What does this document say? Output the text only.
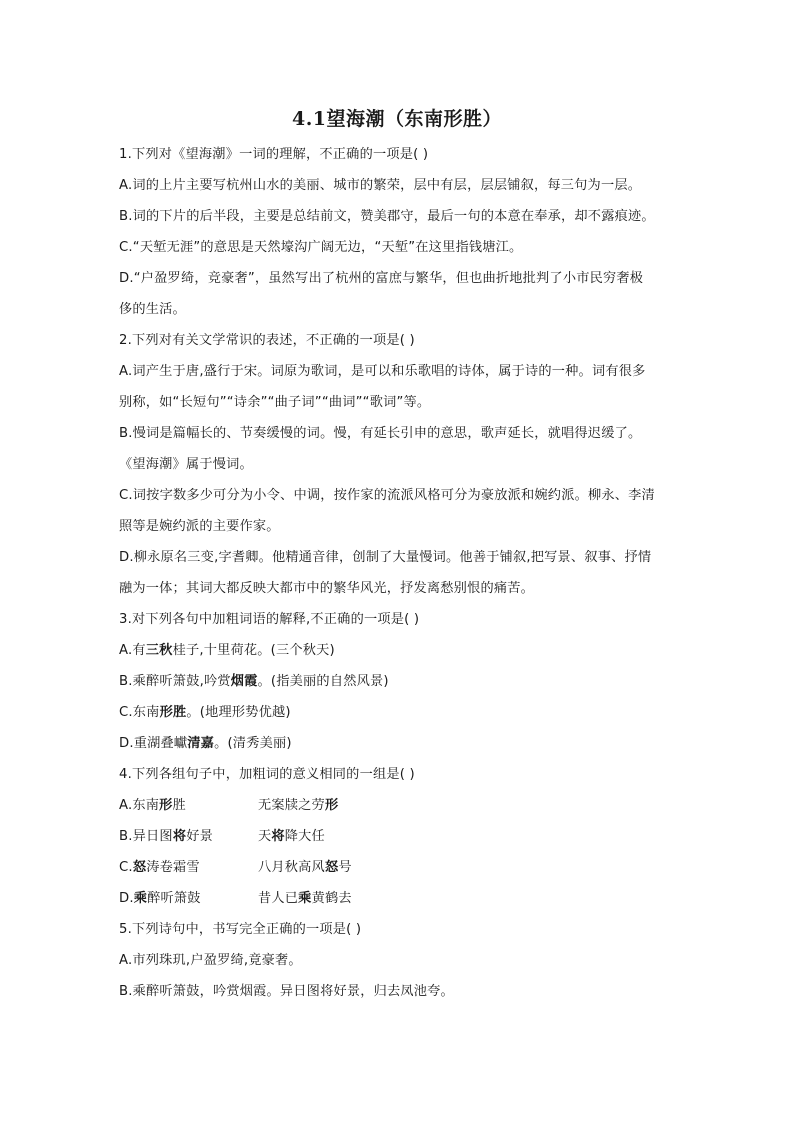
4.1望海潮（东南形胜）
1.下列对《望海潮》一词的理解，不正确的一项是( )
A.词的上片主要写杭州山水的美丽、城市的繁荣，层中有层，层层铺叙，每三句为一层。
B.词的下片的后半段，主要是总结前文，赞美郡守，最后一句的本意在奉承，却不露痕迹。
C.“天堑无涯”的意思是天然壕沟广阔无边，“天堑”在这里指钱塘江。
D.“户盈罗绮，竞豪奢”，虽然写出了杭州的富庶与繁华，但也曲折地批判了小市民穷奢极
侈的生活。
2.下列对有关文学常识的表述，不正确的一项是( )
A.词产生于唐,盛行于宋。词原为歌词，是可以和乐歌唱的诗体，属于诗的一种。词有很多
别称，如“长短句”“诗余”“曲子词”“曲词”“歌词”等。
B.慢词是篇幅长的、节奏缓慢的词。慢，有延长引申的意思，歌声延长，就唱得迟缓了。
《望海潮》属于慢词。
C.词按字数多少可分为小令、中调，按作家的流派风格可分为豪放派和婉约派。柳永、李清
照等是婉约派的主要作家。
D.柳永原名三变,字耆卿。他精通音律，创制了大量慢词。他善于铺叙,把写景、叙事、抒情
融为一体；其词大都反映大都市中的繁华风光，抒发离愁别恨的痛苦。
3.对下列各句中加粗词语的解释,不正确的一项是( )
A.有三秋桂子,十里荷花。(三个秋天)
B.乘醉听箫鼓,吟赏烟霞。(指美丽的自然风景)
C.东南形胜。(地理形势优越)
D.重湖叠巘清嘉。(清秀美丽)
4.下列各组句子中，加粗词的意义相同的一组是( )
A.东南形胜	无案牍之劳形
B.异日图将好景	天将降大任
C.怒涛卷霜雪	八月秋高风怒号
D.乘醉听箫鼓	昔人已乘黄鹤去
5.下列诗句中，书写完全正确的一项是( )
A.市列珠玑,户盈罗绮,竟豪奢。
B.乘醉听箫鼓，吟赏烟霞。异日图将好景，归去凤池夸。
